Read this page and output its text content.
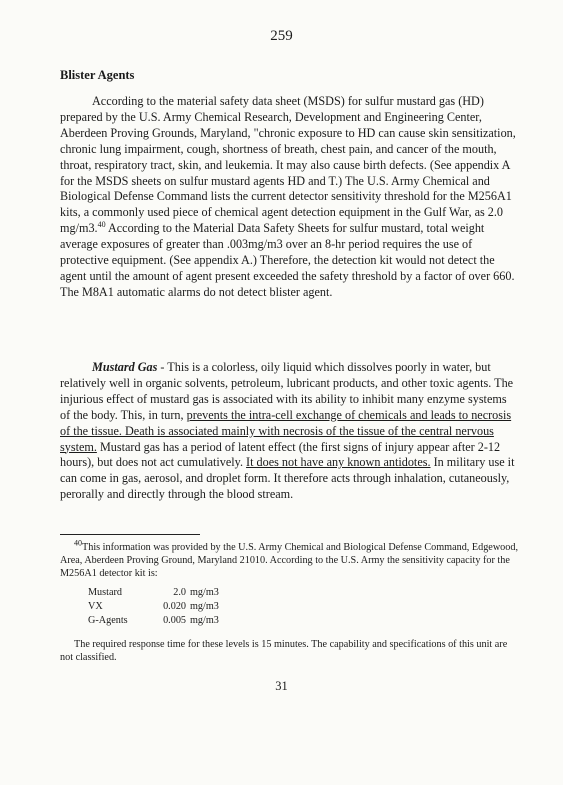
259
Blister Agents

According to the material safety data sheet (MSDS) for sulfur mustard gas (HD) prepared by the U.S. Army Chemical Research, Development and Engineering Center, Aberdeen Proving Grounds, Maryland, "chronic exposure to HD can cause skin sensitization, chronic lung impairment, cough, shortness of breath, chest pain, and cancer of the mouth, throat, respiratory tract, skin, and leukemia. It may also cause birth defects. (See appendix A for the MSDS sheets on sulfur mustard agents HD and T.) The U.S. Army Chemical and Biological Defense Command lists the current detector sensitivity threshold for the M256A1 kits, a commonly used piece of chemical agent detection equipment in the Gulf War, as 2.0 mg/m3.40 According to the Material Data Safety Sheets for sulfur mustard, total weight average exposures of greater than .003mg/m3 over an 8-hr period requires the use of protective equipment. (See appendix A.) Therefore, the detection kit would not detect the agent until the amount of agent present exceeded the safety threshold by a factor of over 660. The M8A1 automatic alarms do not detect blister agent.

Mustard Gas - This is a colorless, oily liquid which dissolves poorly in water, but relatively well in organic solvents, petroleum, lubricant products, and other toxic agents. The injurious effect of mustard gas is associated with its ability to inhibit many enzyme systems of the body. This, in turn, prevents the intra-cell exchange of chemicals and leads to necrosis of the tissue. Death is associated mainly with necrosis of the tissue of the central nervous system. Mustard gas has a period of latent effect (the first signs of injury appear after 2-12 hours), but does not act cumulatively. It does not have any known antidotes. In military use it can come in gas, aerosol, and droplet form. It therefore acts through inhalation, cutaneously, perorally and directly through the blood stream.

$^{40}$This information was provided by the U.S. Army Chemical and Biological Defense Command, Edgewood, Area, Aberdeen Proving Ground, Maryland 21010. According to the U.S. Army the sensitivity capacity for the M256A1 detector kit is:

Mustard	2.0	mg/m3
VX	0.020	mg/m3
G-Agents	0.005	mg/m3

The required response time for these levels is 15 minutes. The capability and specifications of this unit are not classified.

31
